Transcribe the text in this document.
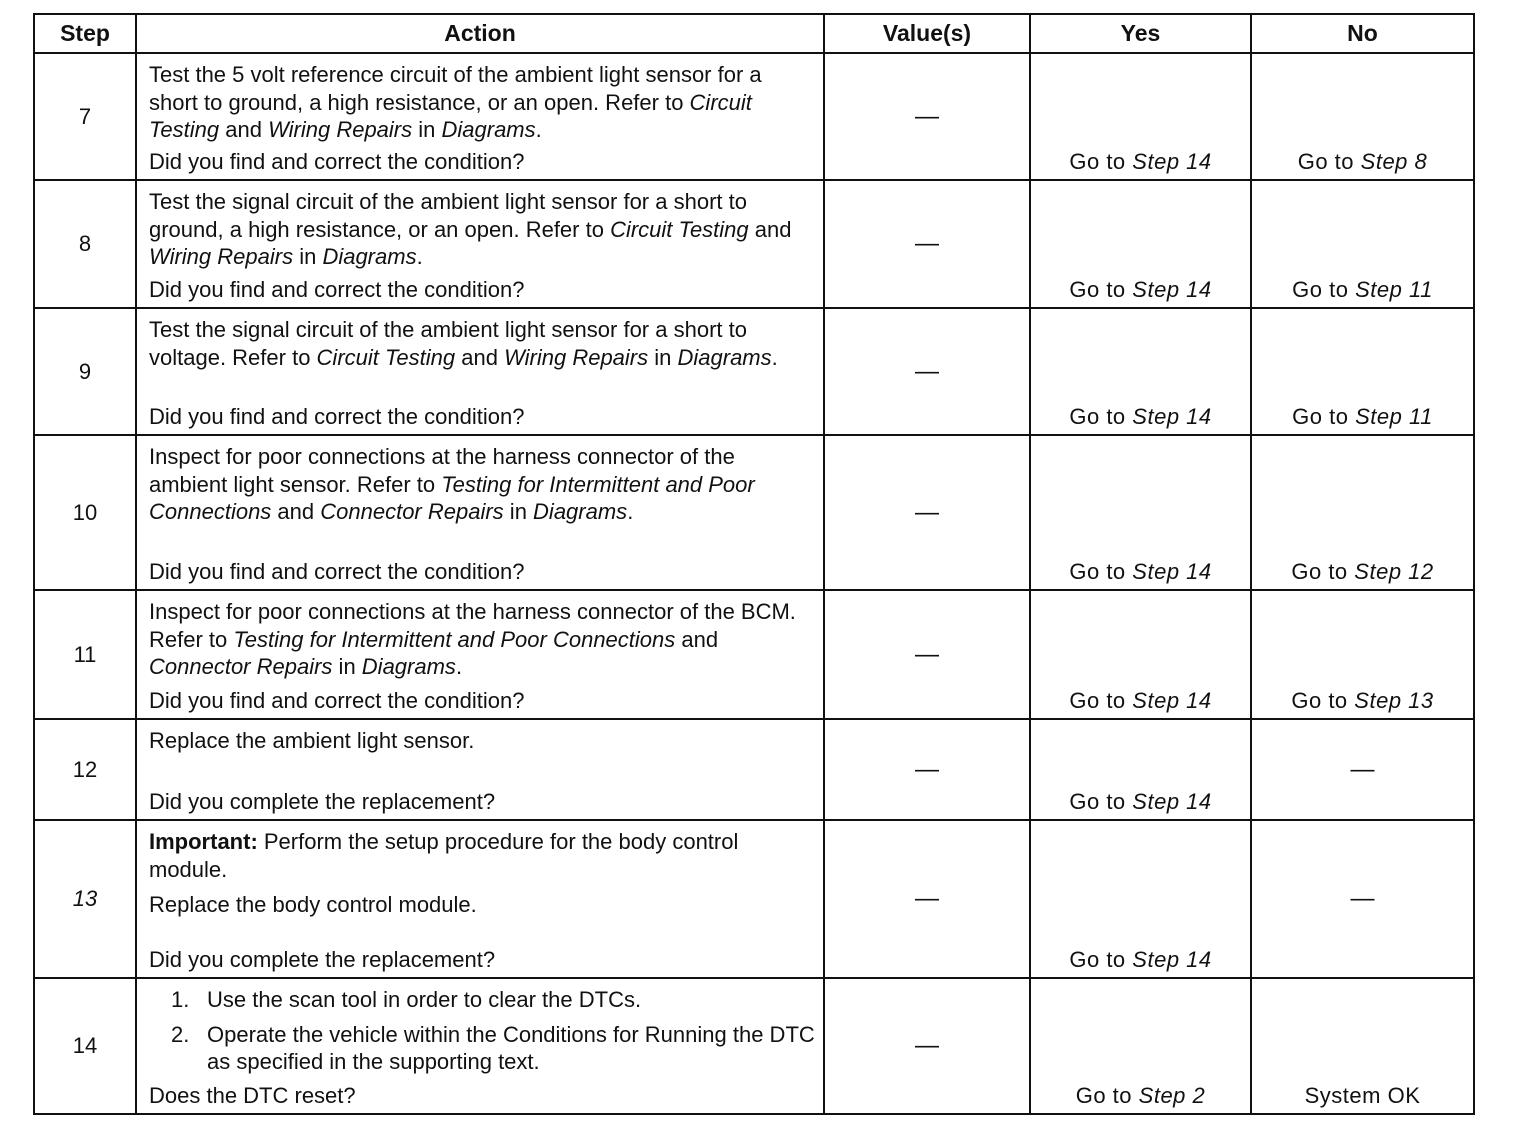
Step	Action	Value(s)	Yes	No
7	Test the 5 volt reference circuit of the ambient light sensor for a short to ground, a high resistance, or an open. Refer to Circuit Testing and Wiring Repairs in Diagrams.
Did you find and correct the condition?	—	Go to Step 14	Go to Step 8

8	Test the signal circuit of the ambient light sensor for a short to ground, a high resistance, or an open. Refer to Circuit Testing and Wiring Repairs in Diagrams.
Did you find and correct the condition?	—	Go to Step 14	Go to Step 11

9	Test the signal circuit of the ambient light sensor for a short to voltage. Refer to Circuit Testing and Wiring Repairs in Diagrams.
Did you find and correct the condition?	—	Go to Step 14	Go to Step 11

10	Inspect for poor connections at the harness connector of the ambient light sensor. Refer to Testing for Intermittent and Poor Connections and Connector Repairs in Diagrams.
Did you find and correct the condition?	—	Go to Step 14	Go to Step 12

11	Inspect for poor connections at the harness connector of the BCM. Refer to Testing for Intermittent and Poor Connections and Connector Repairs in Diagrams.
Did you find and correct the condition?	—	Go to Step 14	Go to Step 13

12	Replace the ambient light sensor.
Did you complete the replacement?	—	Go to Step 14	—

13	Important: Perform the setup procedure for the body control module.
Replace the body control module.
Did you complete the replacement?	—	Go to Step 14	—

14	1. Use the scan tool in order to clear the DTCs.
2. Operate the vehicle within the Conditions for Running the DTC as specified in the supporting text.
Does the DTC reset?	—	Go to Step 2	System OK
